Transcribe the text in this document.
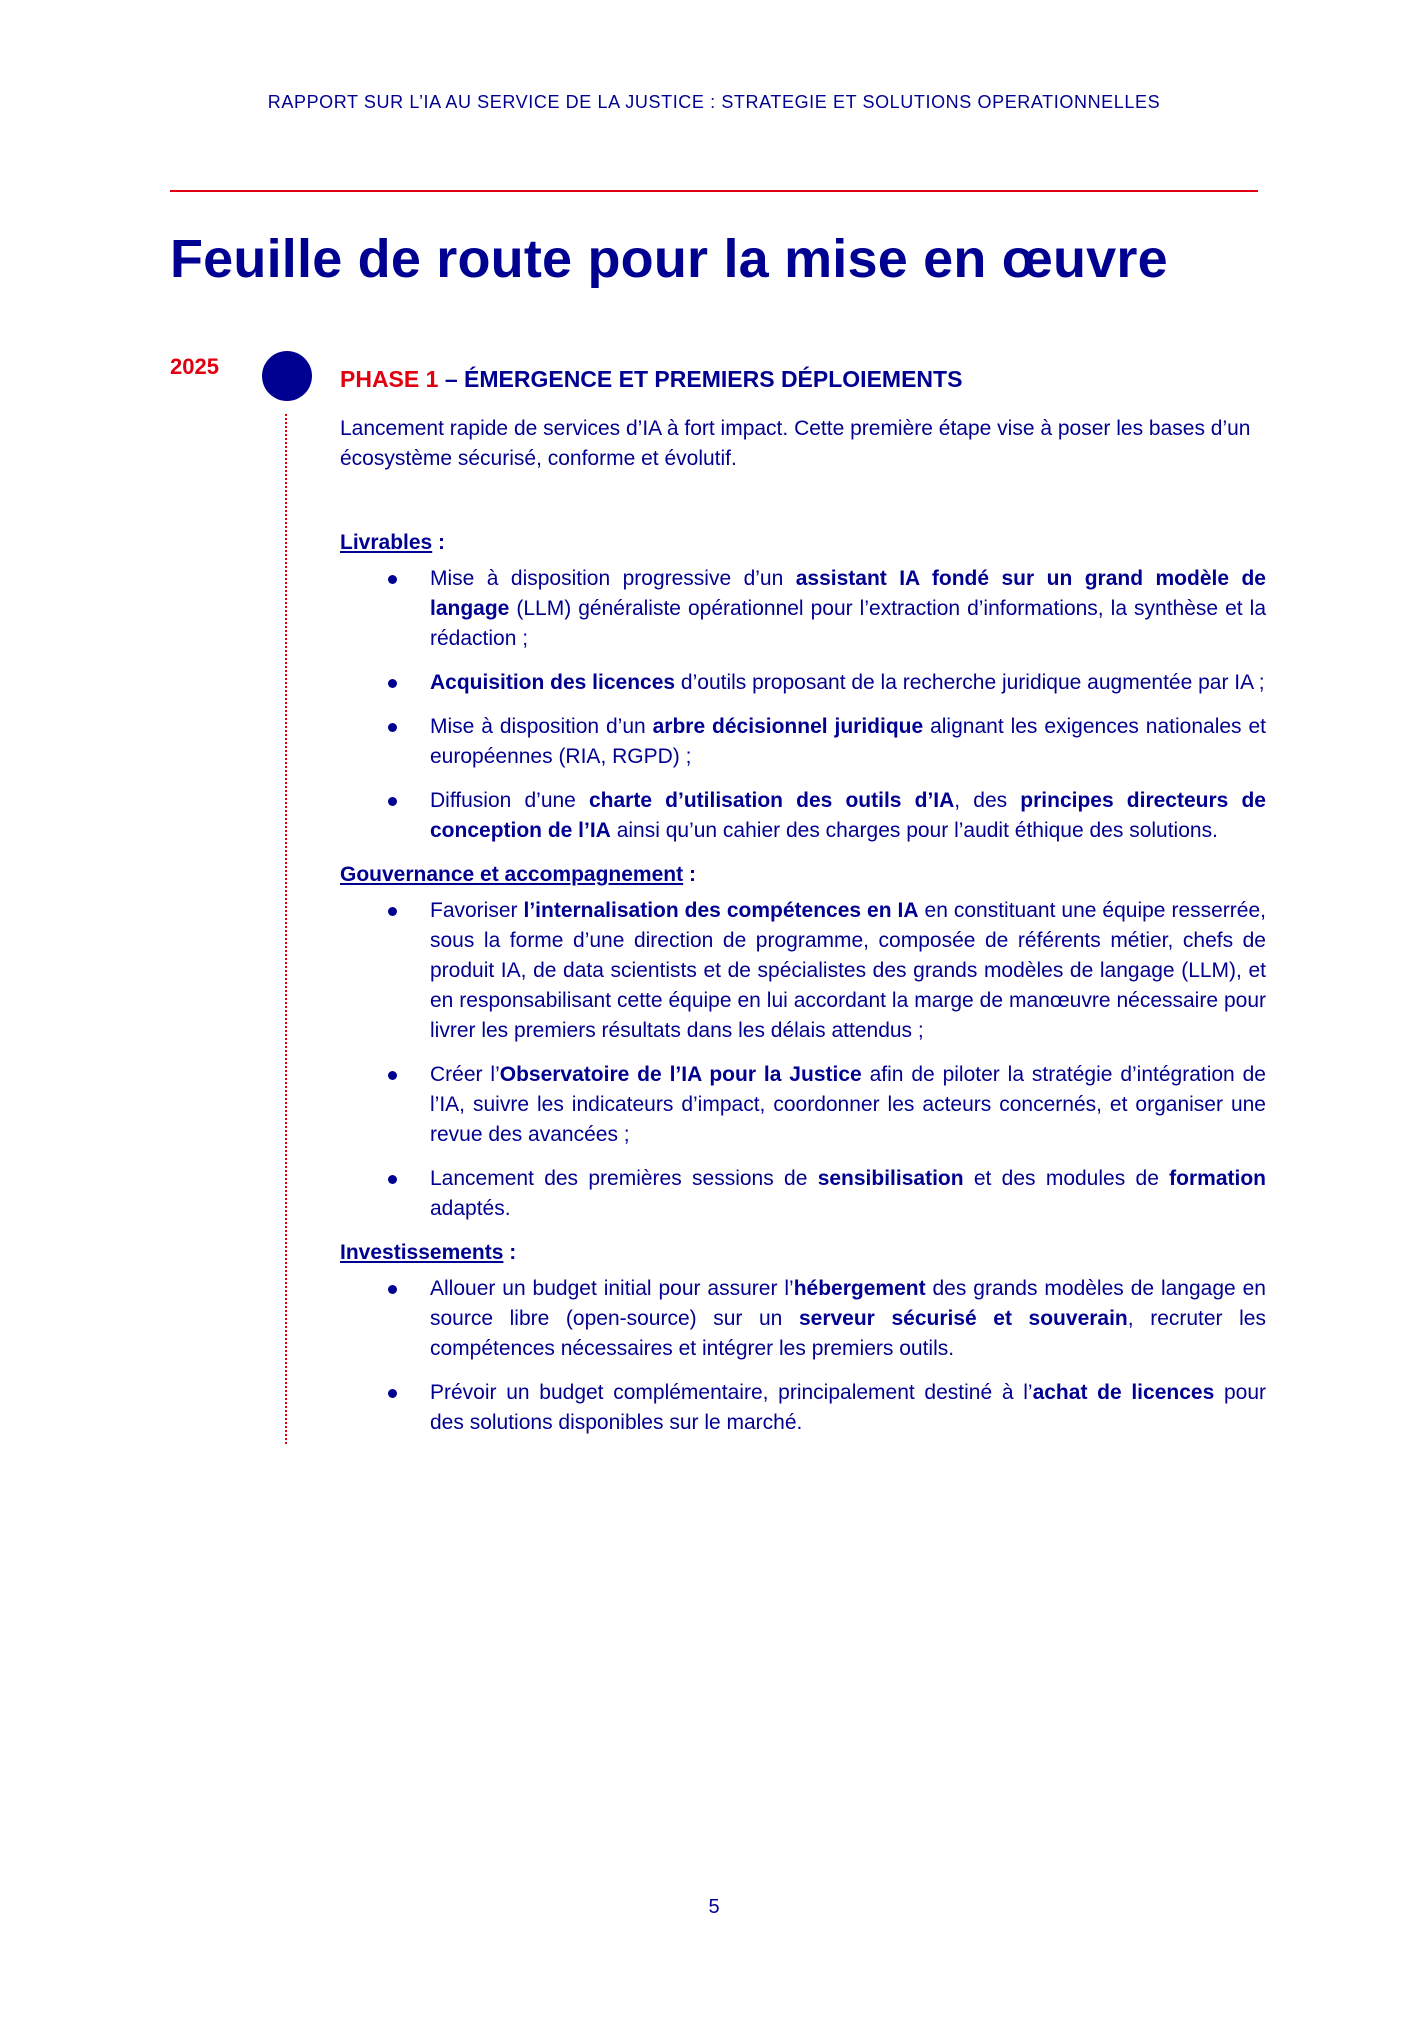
RAPPORT SUR L’IA AU SERVICE DE LA JUSTICE : STRATEGIE ET SOLUTIONS OPERATIONNELLES
Feuille de route pour la mise en œuvre
2025	PHASE 1 – ÉMERGENCE ET PREMIERS DÉPLOIEMENTS

Lancement rapide de services d’IA à fort impact. Cette première étape vise à poser les bases d’un écosystème sécurisé, conforme et évolutif.

Livrables :
Mise à disposition progressive d’un assistant IA fondé sur un grand modèle de langage (LLM) généraliste opérationnel pour l’extraction d’informations, la synthèse et la rédaction ;
Acquisition des licences d’outils proposant de la recherche juridique augmentée par IA ;
Mise à disposition d’un arbre décisionnel juridique alignant les exigences nationales et européennes (RIA, RGPD) ;
Diffusion d’une charte d’utilisation des outils d’IA, des principes directeurs de conception de l’IA ainsi qu’un cahier des charges pour l’audit éthique des solutions.
Gouvernance et accompagnement :
Favoriser l’internalisation des compétences en IA en constituant une équipe resserrée, sous la forme d’une direction de programme, composée de référents métier, chefs de produit IA, de data scientists et de spécialistes des grands modèles de langage (LLM), et en responsabilisant cette équipe en lui accordant la marge de manœuvre nécessaire pour livrer les premiers résultats dans les délais attendus ;
Créer l’Observatoire de l’IA pour la Justice afin de piloter la stratégie d’intégration de l’IA, suivre les indicateurs d’impact, coordonner les acteurs concernés, et organiser une revue des avancées ;
Lancement des premières sessions de sensibilisation et des modules de formation adaptés.
Investissements :
Allouer un budget initial pour assurer l’hébergement des grands modèles de langage en source libre (open-source) sur un serveur sécurisé et souverain, recruter les compétences nécessaires et intégrer les premiers outils.
Prévoir un budget complémentaire, principalement destiné à l’achat de licences pour des solutions disponibles sur le marché.
5
